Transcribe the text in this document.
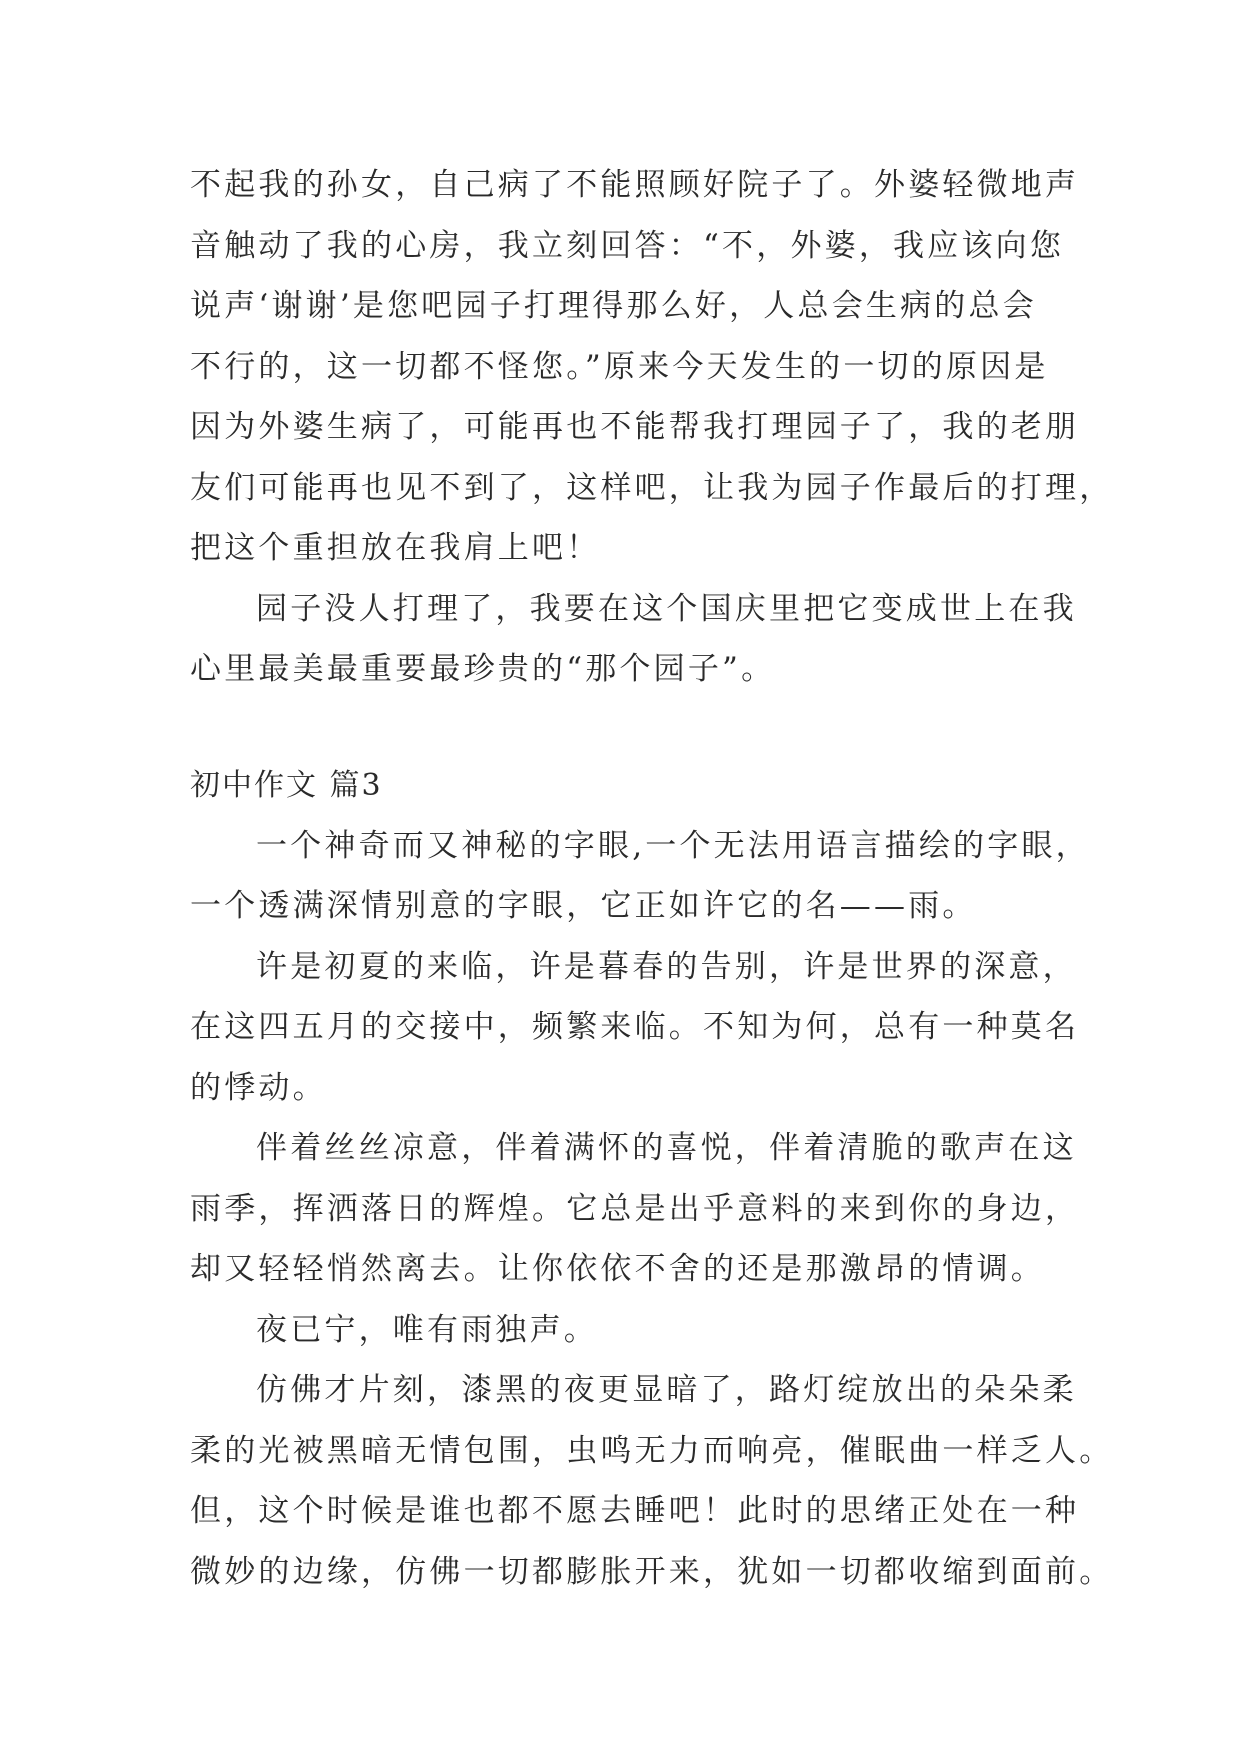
不起我的孙女，自己病了不能照顾好院子了。外婆轻微地声
音触动了我的心房，我立刻回答：“不，外婆，我应该向您
说声‘谢谢’是您吧园子打理得那么好，人总会生病的总会
不行的，这一切都不怪您。”原来今天发生的一切的原因是
因为外婆生病了，可能再也不能帮我打理园子了，我的老朋
友们可能再也见不到了，这样吧，让我为园子作最后的打理，
把这个重担放在我肩上吧！
园子没人打理了，我要在这个国庆里把它变成世上在我
心里最美最重要最珍贵的“那个园子”。
初中作文 篇3
一个神奇而又神秘的字眼,一个无法用语言描绘的字眼，
一个透满深情别意的字眼，它正如许它的名——雨。
许是初夏的来临，许是暮春的告别，许是世界的深意，
在这四五月的交接中，频繁来临。不知为何，总有一种莫名
的悸动。
伴着丝丝凉意，伴着满怀的喜悦，伴着清脆的歌声在这
雨季，挥洒落日的辉煌。它总是出乎意料的来到你的身边，
却又轻轻悄然离去。让你依依不舍的还是那激昂的情调。
夜已宁，唯有雨独声。
仿佛才片刻，漆黑的夜更显暗了，路灯绽放出的朵朵柔
柔的光被黑暗无情包围，虫鸣无力而响亮，催眠曲一样乏人。
但，这个时候是谁也都不愿去睡吧！此时的思绪正处在一种
微妙的边缘，仿佛一切都膨胀开来，犹如一切都收缩到面前。
